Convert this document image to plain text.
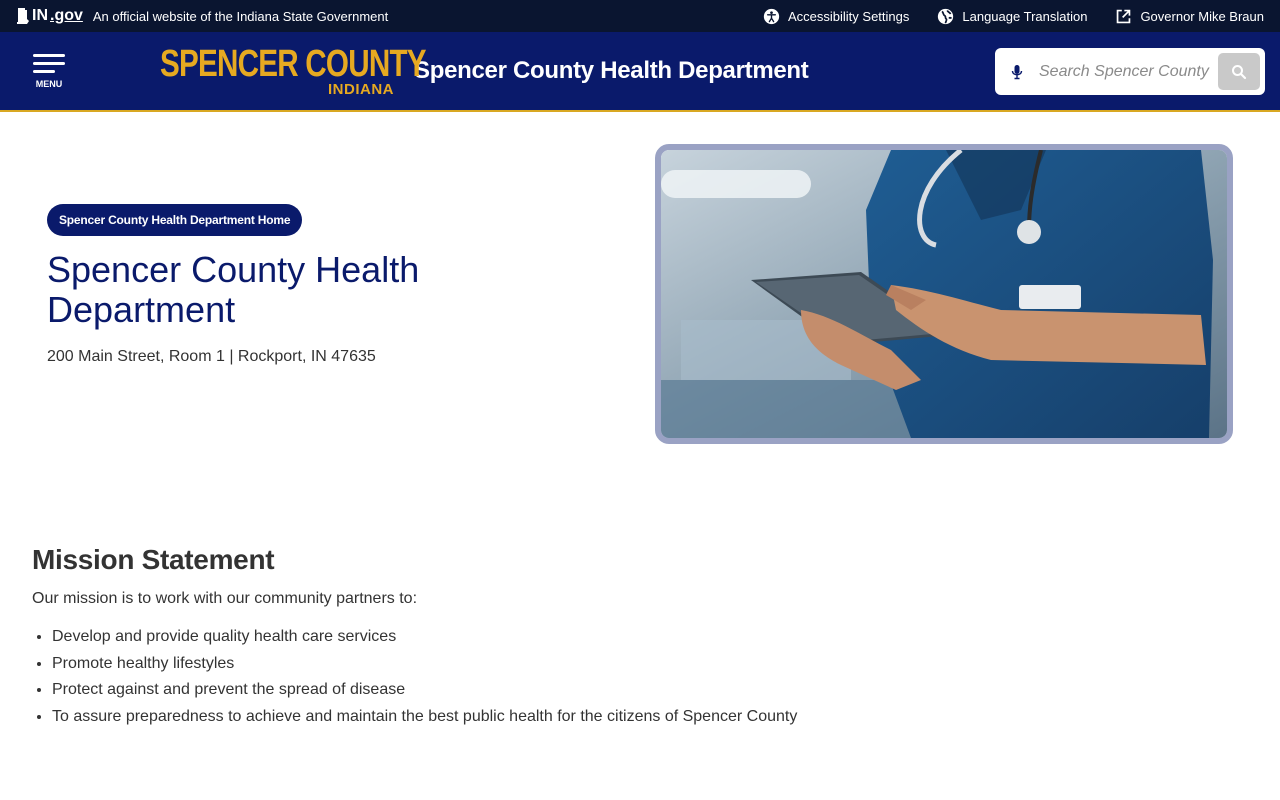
IN .gov An official website of the Indiana State Government	Accessibility Settings	Language Translation	Governor Mike Braun
MENU	SPENCER COUNTY
INDIANA
Spencer County Health Department
Search Spencer County
Spencer County Health Department Home
Spencer County Health Department

200 Main Street, Room 1 | Rockport, IN 47635

Mission Statement

Our mission is to work with our community partners to:

• Develop and provide quality health care services
• Promote healthy lifestyles
• Protect against and prevent the spread of disease
• To assure preparedness to achieve and maintain the best public health for the citizens of Spencer County
